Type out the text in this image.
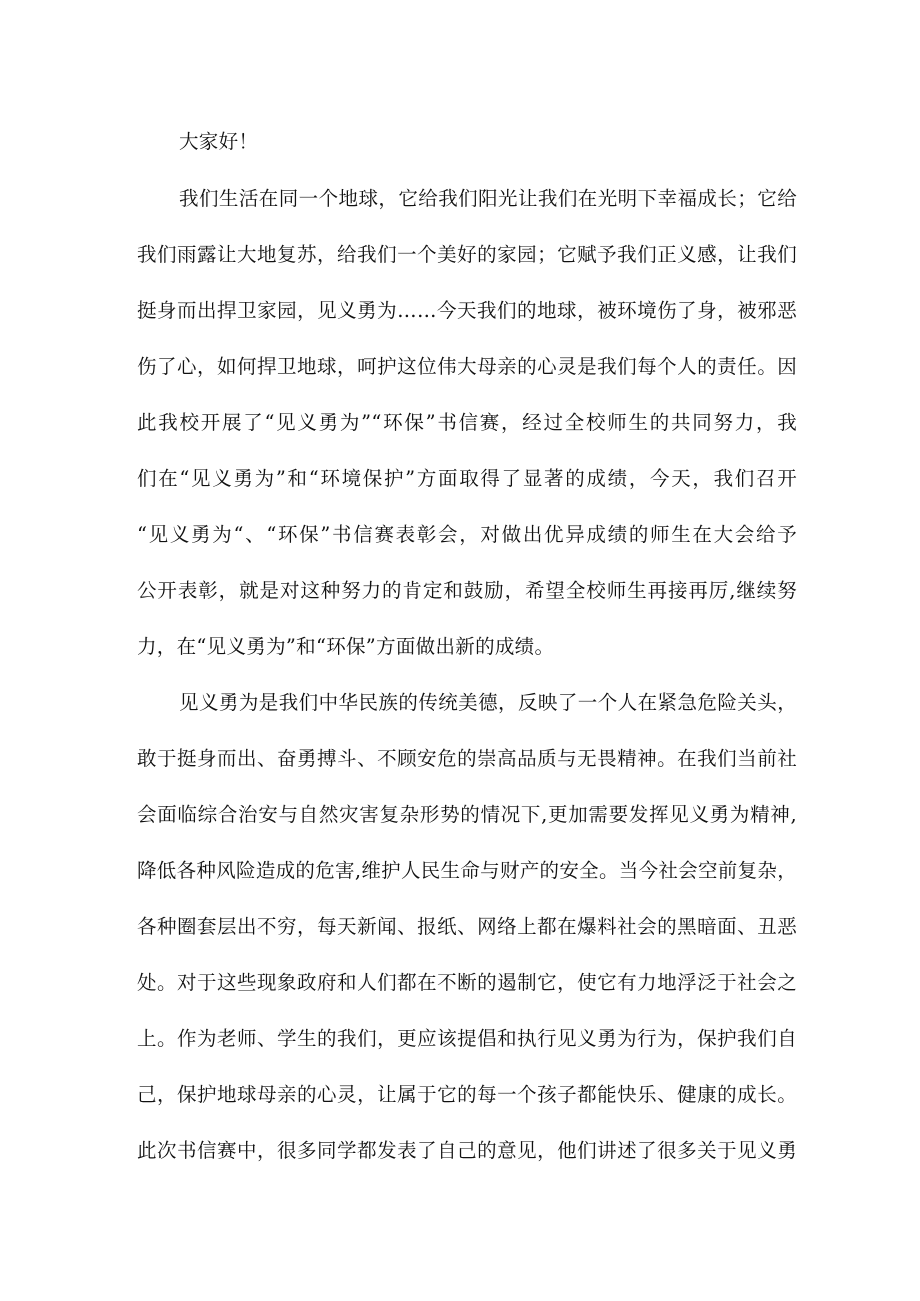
大家好！
我们生活在同一个地球，它给我们阳光让我们在光明下幸福成长；它给
我们雨露让大地复苏，给我们一个美好的家园；它赋予我们正义感，让我们
挺身而出捍卫家园，见义勇为……今天我们的地球，被环境伤了身，被邪恶
伤了心，如何捍卫地球，呵护这位伟大母亲的心灵是我们每个人的责任。因
此我校开展了“见义勇为”“环保”书信赛，经过全校师生的共同努力，我
们在“见义勇为”和“环境保护”方面取得了显著的成绩，今天，我们召开
“见义勇为“、“环保”书信赛表彰会，对做出优异成绩的师生在大会给予
公开表彰，就是对这种努力的肯定和鼓励，希望全校师生再接再厉,继续努
力，在“见义勇为”和“环保”方面做出新的成绩。
见义勇为是我们中华民族的传统美德，反映了一个人在紧急危险关头，
敢于挺身而出、奋勇搏斗、不顾安危的崇高品质与无畏精神。在我们当前社
会面临综合治安与自然灾害复杂形势的情况下,更加需要发挥见义勇为精神,
降低各种风险造成的危害,维护人民生命与财产的安全。当今社会空前复杂，
各种圈套层出不穷，每天新闻、报纸、网络上都在爆料社会的黑暗面、丑恶
处。对于这些现象政府和人们都在不断的遏制它，使它有力地浮泛于社会之
上。作为老师、学生的我们，更应该提倡和执行见义勇为行为，保护我们自
己，保护地球母亲的心灵，让属于它的每一个孩子都能快乐、健康的成长。
此次书信赛中，很多同学都发表了自己的意见，他们讲述了很多关于见义勇
